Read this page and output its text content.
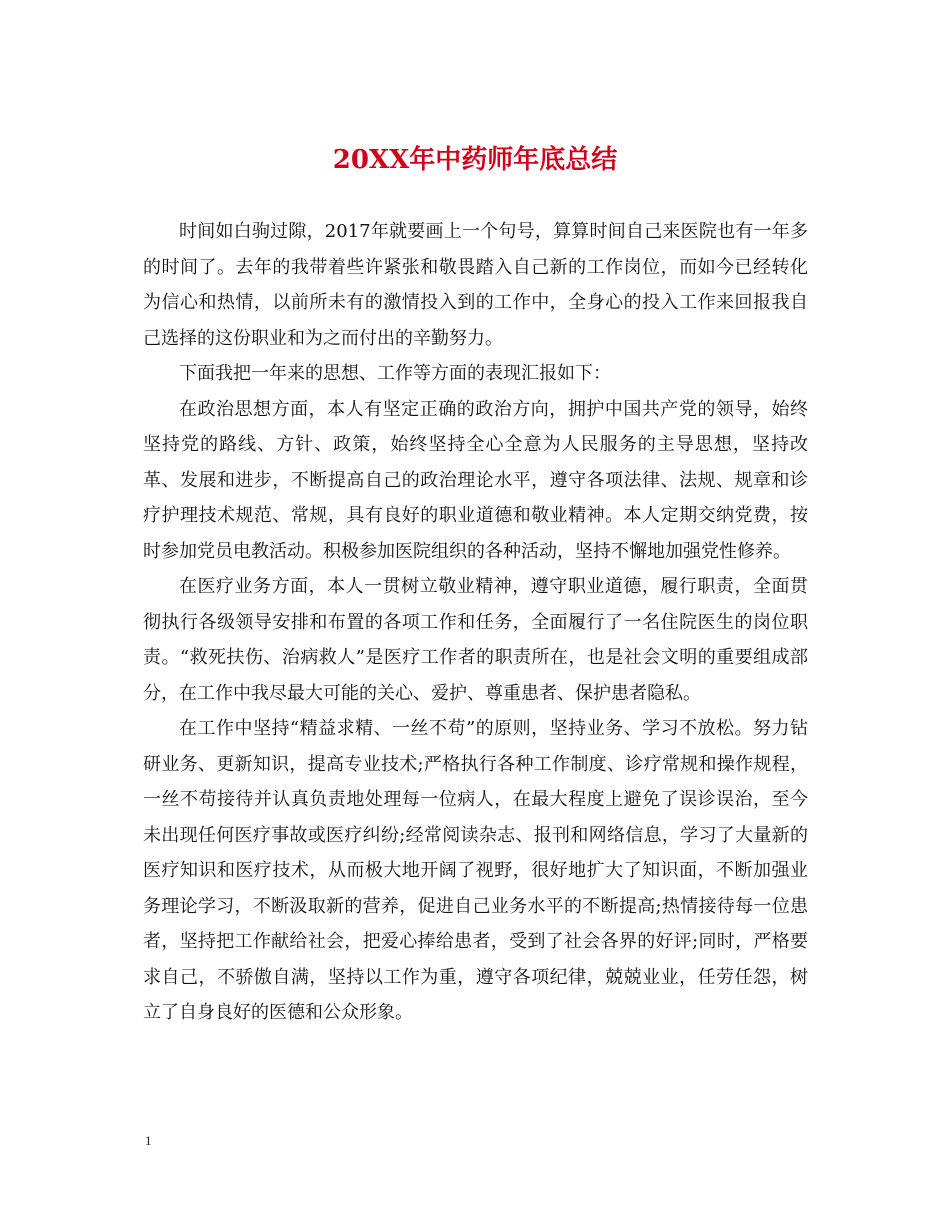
20XX年中药师年底总结

时间如白驹过隙，2017年就要画上一个句号，算算时间自己来医院也有一年多的时间了。去年的我带着些许紧张和敬畏踏入自己新的工作岗位，而如今已经转化为信心和热情，以前所未有的激情投入到的工作中，全身心的投入工作来回报我自己选择的这份职业和为之而付出的辛勤努力。

下面我把一年来的思想、工作等方面的表现汇报如下：

在政治思想方面，本人有坚定正确的政治方向，拥护中国共产党的领导，始终坚持党的路线、方针、政策，始终坚持全心全意为人民服务的主导思想，坚持改革、发展和进步，不断提高自己的政治理论水平，遵守各项法律、法规、规章和诊疗护理技术规范、常规，具有良好的职业道德和敬业精神。本人定期交纳党费，按时参加党员电教活动。积极参加医院组织的各种活动，坚持不懈地加强党性修养。

在医疗业务方面，本人一贯树立敬业精神，遵守职业道德，履行职责，全面贯彻执行各级领导安排和布置的各项工作和任务，全面履行了一名住院医生的岗位职责。“救死扶伤、治病救人”是医疗工作者的职责所在，也是社会文明的重要组成部分，在工作中我尽最大可能的关心、爱护、尊重患者、保护患者隐私。

在工作中坚持“精益求精、一丝不苟”的原则，坚持业务、学习不放松。努力钻研业务、更新知识，提高专业技术;严格执行各种工作制度、诊疗常规和操作规程，一丝不苟接待并认真负责地处理每一位病人，在最大程度上避免了误诊误治，至今未出现任何医疗事故或医疗纠纷;经常阅读杂志、报刊和网络信息，学习了大量新的医疗知识和医疗技术，从而极大地开阔了视野，很好地扩大了知识面，不断加强业务理论学习，不断汲取新的营养，促进自己业务水平的不断提高;热情接待每一位患者，坚持把工作献给社会，把爱心捧给患者，受到了社会各界的好评;同时，严格要求自己，不骄傲自满，坚持以工作为重，遵守各项纪律，兢兢业业，任劳任怨，树立了自身良好的医德和公众形象。

1
